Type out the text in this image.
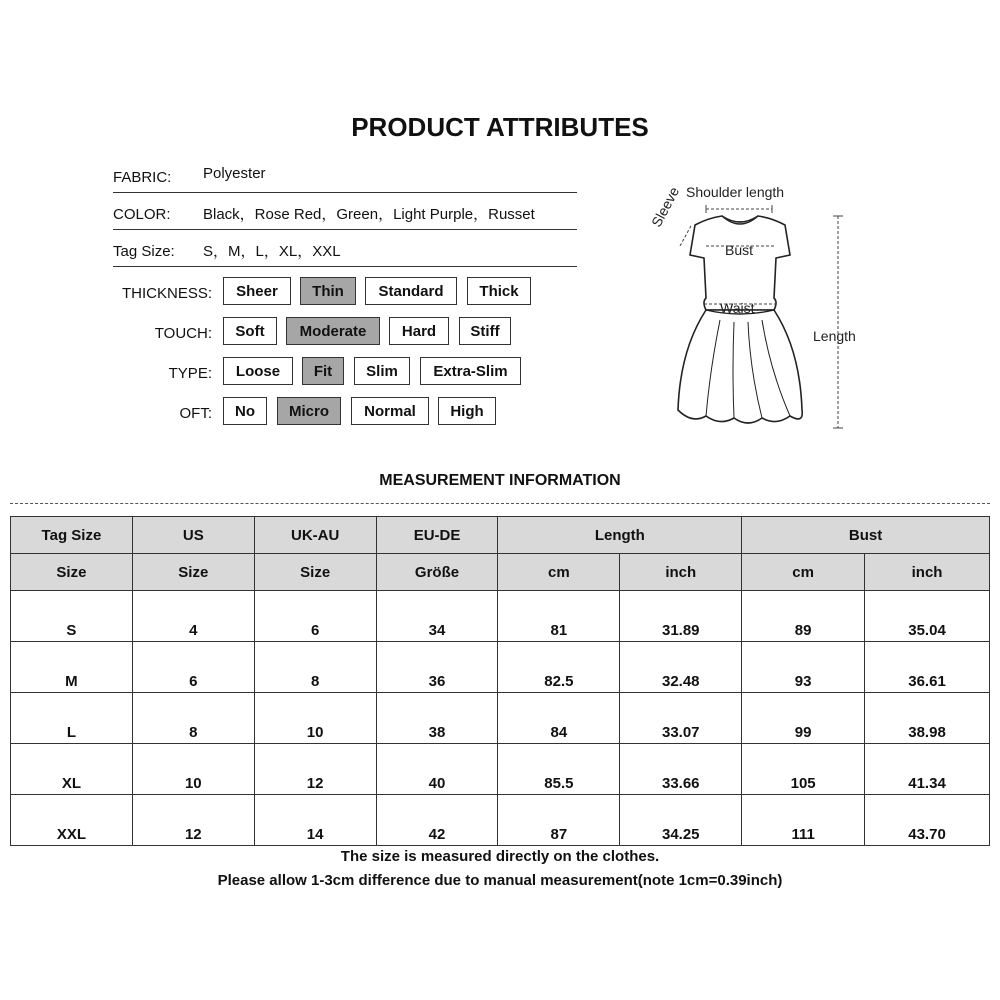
PRODUCT ATTRIBUTES
FABRIC: Polyester
COLOR: Black，Rose Red，Green，Light Purple，Russet
Tag Size: S，M，L，XL，XXL
THICKNESS:	Sheer	Thin	Standard	Thick
TOUCH:	Soft	Moderate	Hard	Stiff
TYPE:	Loose	Fit	Slim	Extra-Slim
OFT:	No	Micro	Normal	High
Shoulder length
Sleeve
Bust
Waist
Length
MEASUREMENT INFORMATION
Tag Size	US	UK-AU	EU-DE	Length		Bust	
Size	Size	Size	Größe	cm	inch	cm	inch
S	4	6	34	81	31.89	89	35.04
M	6	8	36	82.5	32.48	93	36.61
L	8	10	38	84	33.07	99	38.98
XL	10	12	40	85.5	33.66	105	41.34
XXL	12	14	42	87	34.25	111	43.70
The size is measured directly on the clothes.
Please allow 1-3cm difference due to manual measurement(note 1cm=0.39inch)
